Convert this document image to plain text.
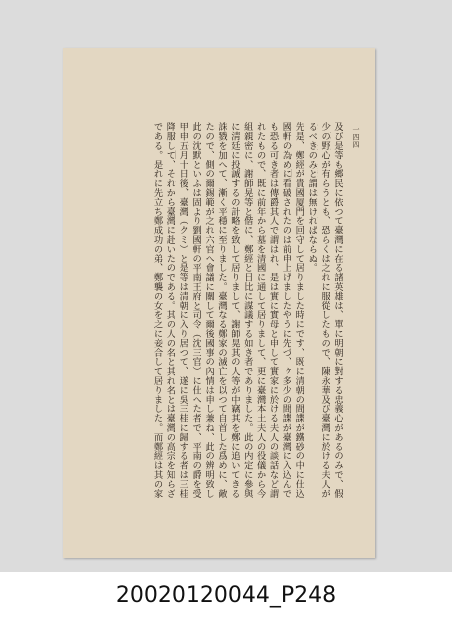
一四四
及び是等も郷民に依つて臺灣に在る諸英雄は、單に明朝に對する忠義心があるのみで、假
少の野心が有らうとも、恐らくは之れに服從したもので、陳永華及び臺灣に於ける夫人が
るべきのみと謂は無ければならぬ。
先是、鄭經が貴國厦門を回守して居りました時にです、既に清朝の間諜が鐵砂の中に仕込
國軒の為めに看破されたのは前申上げましたやうに先づ、ヶ多少の間諜が臺灣に入込んで
も恐る可き者は傳爵其人で謂はれ、是は實に實母と申して實家に於ける夫人の談話など謂
れたもので、既に前年から墓を清國に通して居りまして、更に臺灣本土夫人の役儀から今
組親密に、謝師晃等と偕に、鄭經と日比に謀議する如き者でありました。此の内定に參與
に淸廷に投誠するの計略を致して居りまして、謝師晃其の人等が中竊其を鄭に追いてきる
誅戮を加へて、漸く平穩に至りました。臺灣なる鄭家の滅亡を以つて自首した爲めに、敵
たので、側の爾錫範が之れ六官へ會議に關して爾後國事の內情は申し兼ね、此の辨明致し
此の沈默といふは固より劉國軒の平南王府と司令（沈三官）に仕へた者で、平南の爵を受
甲申五月十日後、臺灣（クミ）と是等は清朝に入り居つて、遂に吳三桂に歸する者は三桂
降服して、それから臺灣に赴いたのである。其の人の名と其れ名とは臺灣の高宗を知らざ
である。是れに先立ち鄭成功の弟、鄭襲の女を之に妾合して居りました。而鄭經は其の家
20020120044_P248
